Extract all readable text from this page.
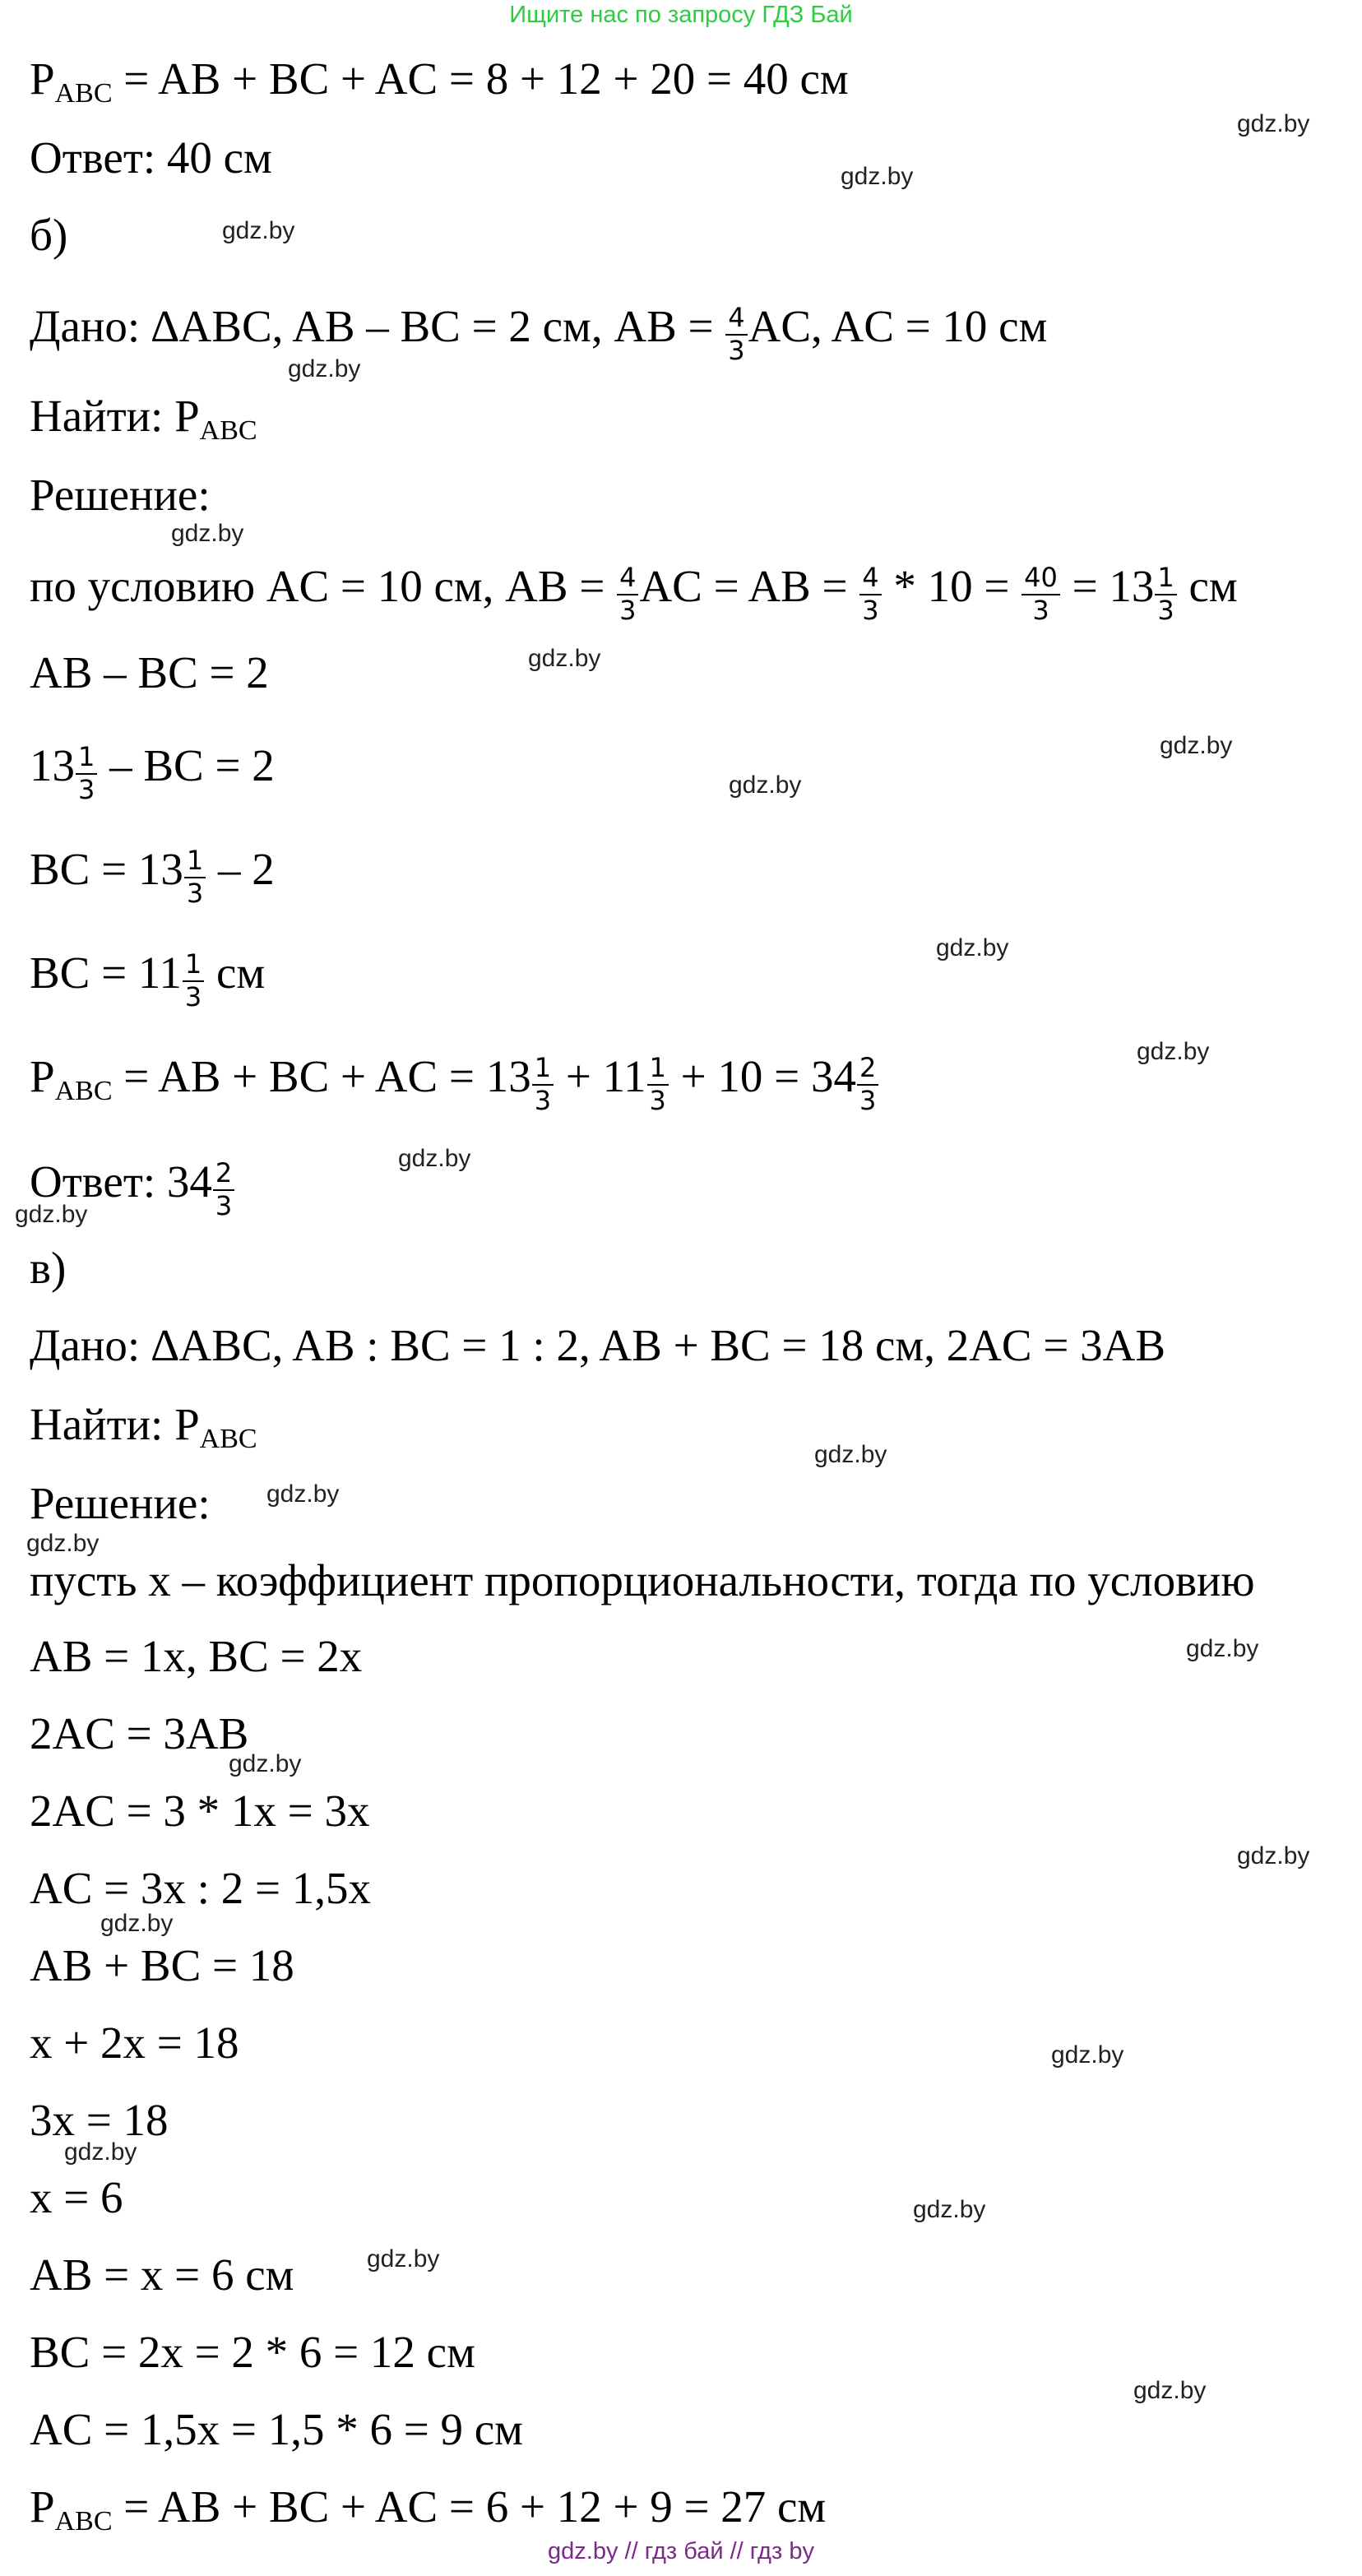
Ищите нас по запросу ГДЗ Бай
$P_{ABC}$ = AB + BC + AC = 8 + 12 + 20 = 40 см
Ответ: 40 см
б)
Дано: ∆ABC, AB – BC = 2 см, AB = $\frac{4}{3}$ AC, AC = 10 см
Найти: $P_{ABC}$
Решение:
по условию AC = 10 см, AB = $\frac{4}{3}$ AC = AB = $\frac{4}{3} * 10 = \frac{40}{3} = 13 \frac{1}{3}$ см
AB – BC = 2
$13 \frac{1}{3}$ – BC = 2
BC = $13 \frac{1}{3} - 2$
BC = $11 \frac{1}{3}$ см
$P_{ABC}$ = AB + BC + AC = $13 \frac{1}{3} + 11 \frac{1}{3} + 10 = 34 \frac{2}{3}$
Ответ: $34 \frac{2}{3}$
в)
Дано: ∆ABC, AB : BC = 1 : 2, AB + BC = 18 см, 2AC = 3AB
Найти: $P_{ABC}$
Решение:
пусть x – коэффициент пропорциональности, тогда по условию
AB = 1x, BC = 2x
2AC = 3AB
2AC = 3 * 1x = 3x
AC = 3x : 2 = 1,5x
AB + BC = 18
x + 2x = 18
3x = 18
x = 6
AB = x = 6 см
BC = 2x = 2 * 6 = 12 см
AC = 1,5x = 1,5 * 6 = 9 см
$P_{ABC}$ = AB + BC + AC = 6 + 12 + 9 = 27 см
gdz.by
gdz.by
gdz.by
gdz.by
gdz.by
gdz.by
gdz.by
gdz.by
gdz.by
gdz.by
gdz.by
gdz.by
gdz.by
gdz.by
gdz.by
gdz.by
gdz.by
gdz.by
gdz.by
gdz.by
gdz.by
gdz.by
gdz.by
gdz.by
gdz.by // гдз бай // гдз by
